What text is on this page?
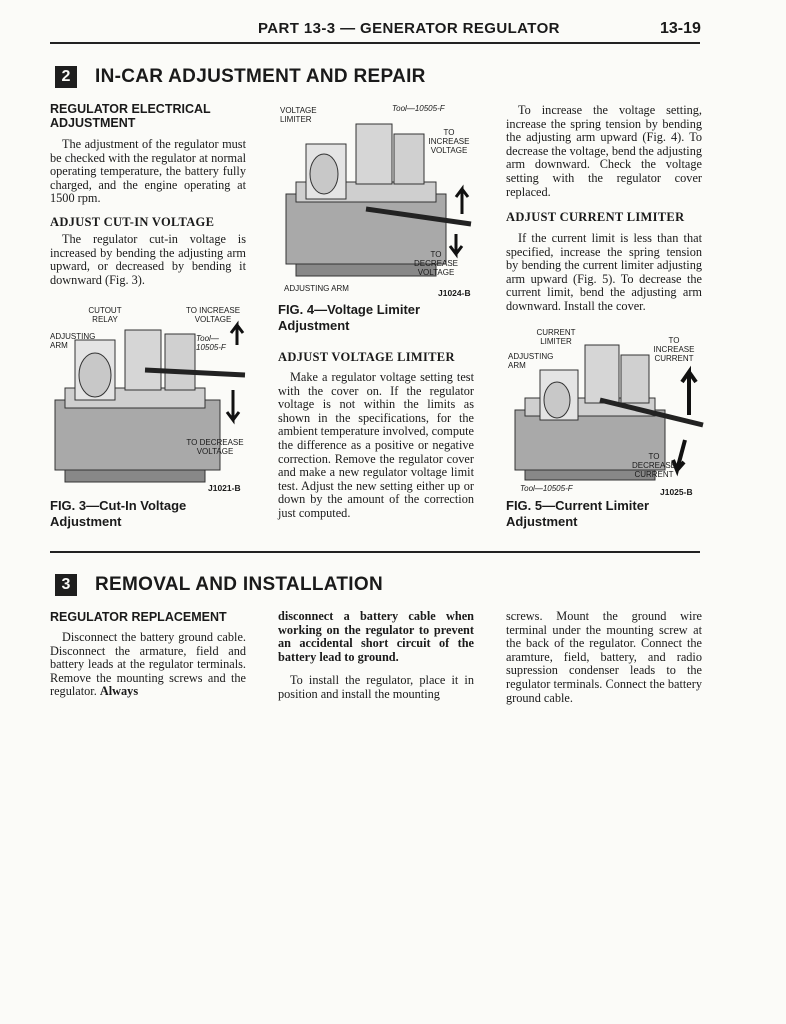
PART 13-3 — GENERATOR REGULATOR	13-19
2	IN-CAR ADJUSTMENT AND REPAIR
REGULATOR ELECTRICAL ADJUSTMENT
The adjustment of the regulator must be checked with the regulator at normal operating temperature, the battery fully charged, and the engine operating at 1500 rpm.
ADJUST CUT-IN VOLTAGE
The regulator cut-in voltage is increased by bending the adjusting arm upward, or decreased by bending it downward (Fig. 3).
CUTOUT RELAY
TO INCREASE VOLTAGE
ADJUSTING ARM
Tool— 10505-F
TO DECREASE VOLTAGE
J1021-B
FIG. 3—Cut-In Voltage Adjustment
VOLTAGE LIMITER
Tool—10505-F
TO INCREASE VOLTAGE
TO DECREASE VOLTAGE
ADJUSTING ARM	J1024-B
FIG. 4—Voltage Limiter Adjustment
ADJUST VOLTAGE LIMITER
Make a regulator voltage setting test with the cover on. If the regulator voltage is not within the limits as shown in the specifications, for the ambient temperature involved, compute the difference as a positive or negative correction. Remove the regulator cover and make a new regulator voltage limit test. Adjust the new setting either up or down by the amount of the correction just computed.
To increase the voltage setting, increase the spring tension by bending the adjusting arm upward (Fig. 4). To decrease the voltage, bend the adjusting arm downward. Check the voltage setting with the regulator cover replaced.
ADJUST CURRENT LIMITER
If the current limit is less than that specified, increase the spring tension by bending the current limiter adjusting arm upward (Fig. 5). To decrease the current limit, bend the adjusting arm downward. Install the cover.
CURRENT LIMITER	TO INCREASE CURRENT
ADJUSTING ARM
TO DECREASE CURRENT
Tool—10505-F	J1025-B
FIG. 5—Current Limiter Adjustment
3	REMOVAL AND INSTALLATION
REGULATOR REPLACEMENT
Disconnect the battery ground cable. Disconnect the armature, field and battery leads at the regulator terminals. Remove the mounting screws and the regulator. Always
disconnect a battery cable when working on the regulator to prevent an accidental short circuit of the battery lead to ground.
To install the regulator, place it in position and install the mounting
screws. Mount the ground wire terminal under the mounting screw at the back of the regulator. Connect the aramture, field, battery, and radio supression condenser leads to the regulator terminals. Connect the battery ground cable.
